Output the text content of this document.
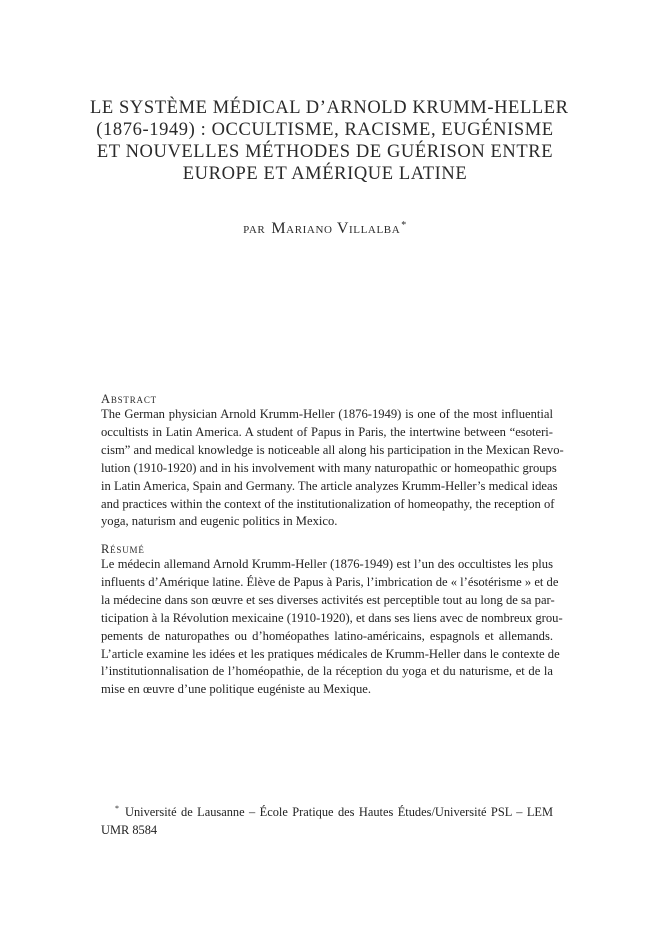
LE SYSTÈME MÉDICAL D’ARNOLD KRUMM-HELLER
(1876-1949) : OCCULTISME, RACISME, EUGÉNISME
ET NOUVELLES MÉTHODES DE GUÉRISON ENTRE
EUROPE ET AMÉRIQUE LATINE
par Mariano Villalba*
Abstract
The German physician Arnold Krumm-Heller (1876-1949) is one of the most influential
occultists in Latin America. A student of Papus in Paris, the intertwine between “esoteri-
cism” and medical knowledge is noticeable all along his participation in the Mexican Revo-
lution (1910-1920) and in his involvement with many naturopathic or homeopathic groups
in Latin America, Spain and Germany. The article analyzes Krumm-Heller’s medical ideas
and practices within the context of the institutionalization of homeopathy, the reception of
yoga, naturism and eugenic politics in Mexico.
Résumé
Le médecin allemand Arnold Krumm-Heller (1876-1949) est l’un des occultistes les plus
influents d’Amérique latine. Élève de Papus à Paris, l’imbrication de « l’ésotérisme » et de
la médecine dans son œuvre et ses diverses activités est perceptible tout au long de sa par-
ticipation à la Révolution mexicaine (1910-1920), et dans ses liens avec de nombreux grou-
pements de naturopathes ou d’homéopathes latino-américains, espagnols et allemands.
L’article examine les idées et les pratiques médicales de Krumm-Heller dans le contexte de
l’institutionnalisation de l’homéopathie, de la réception du yoga et du naturisme, et de la
mise en œuvre d’une politique eugéniste au Mexique.
* Université de Lausanne – École Pratique des Hautes Études/Université PSL – LEM
UMR 8584
